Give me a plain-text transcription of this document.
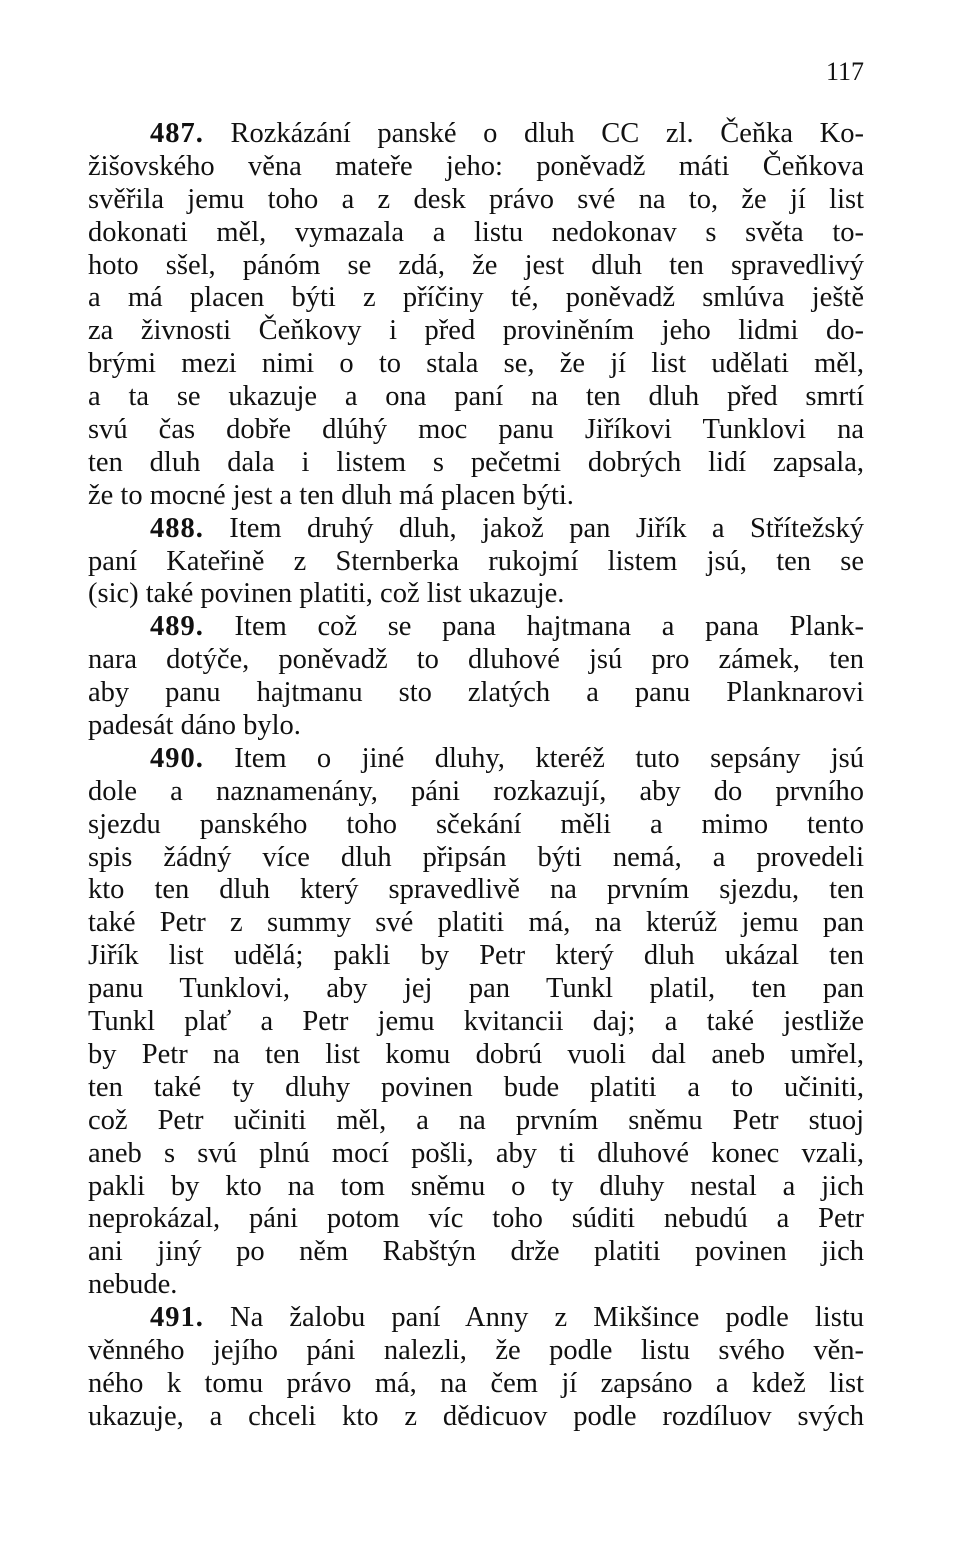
117
487. Rozkázání panské o dluh CC zl. Čeňka Ko-
žišovského věna mateře jeho: poněvadž máti Čeňkova
svěřila jemu toho a z desk právo své na to, že jí list
dokonati měl, vymazala a listu nedokonav s světa to-
hoto sšel, pánóm se zdá, že jest dluh ten spravedlivý
a má placen býti z příčiny té, poněvadž smlúva ještě
za živnosti Čeňkovy i před proviněním jeho lidmi do-
brými mezi nimi o to stala se, že jí list udělati měl,
a ta se ukazuje a ona paní na ten dluh před smrtí
svú čas dobře dlúhý moc panu Jiříkovi Tunklovi na
ten dluh dala i listem s pečetmi dobrých lidí zapsala,
že to mocné jest a ten dluh má placen býti.
488. Item druhý dluh, jakož pan Jiřík a Střítežský
paní Kateřině z Sternberka rukojmí listem jsú, ten se
(sic) také povinen platiti, což list ukazuje.
489. Item což se pana hajtmana a pana Plank-
nara dotýče, poněvadž to dluhové jsú pro zámek, ten
aby panu hajtmanu sto zlatých a panu Planknarovi
padesát dáno bylo.
490. Item o jiné dluhy, kteréž tuto sepsány jsú
dole a naznamenány, páni rozkazují, aby do prvního
sjezdu panského toho sčekání měli a mimo tento
spis žádný více dluh připsán býti nemá, a provedeli
kto ten dluh který spravedlivě na prvním sjezdu, ten
také Petr z summy své platiti má, na kterúž jemu pan
Jiřík list udělá; pakli by Petr který dluh ukázal ten
panu Tunklovi, aby jej pan Tunkl platil, ten pan
Tunkl plať a Petr jemu kvitancii daj; a také jestliže
by Petr na ten list komu dobrú vuoli dal aneb umřel,
ten také ty dluhy povinen bude platiti a to učiniti,
což Petr učiniti měl, a na prvním sněmu Petr stuoj
aneb s svú plnú mocí pošli, aby ti dluhové konec vzali,
pakli by kto na tom sněmu o ty dluhy nestal a jich
neprokázal, páni potom víc toho súditi nebudú a Petr
ani jiný po něm Rabštýn drže platiti povinen jich
nebude.
491. Na žalobu paní Anny z Mikšince podle listu
věnného jejího páni nalezli, že podle listu svého věn-
ného k tomu právo má, na čem jí zapsáno a kdež list
ukazuje, a chceli kto z dědicuov podle rozdíluov svých
